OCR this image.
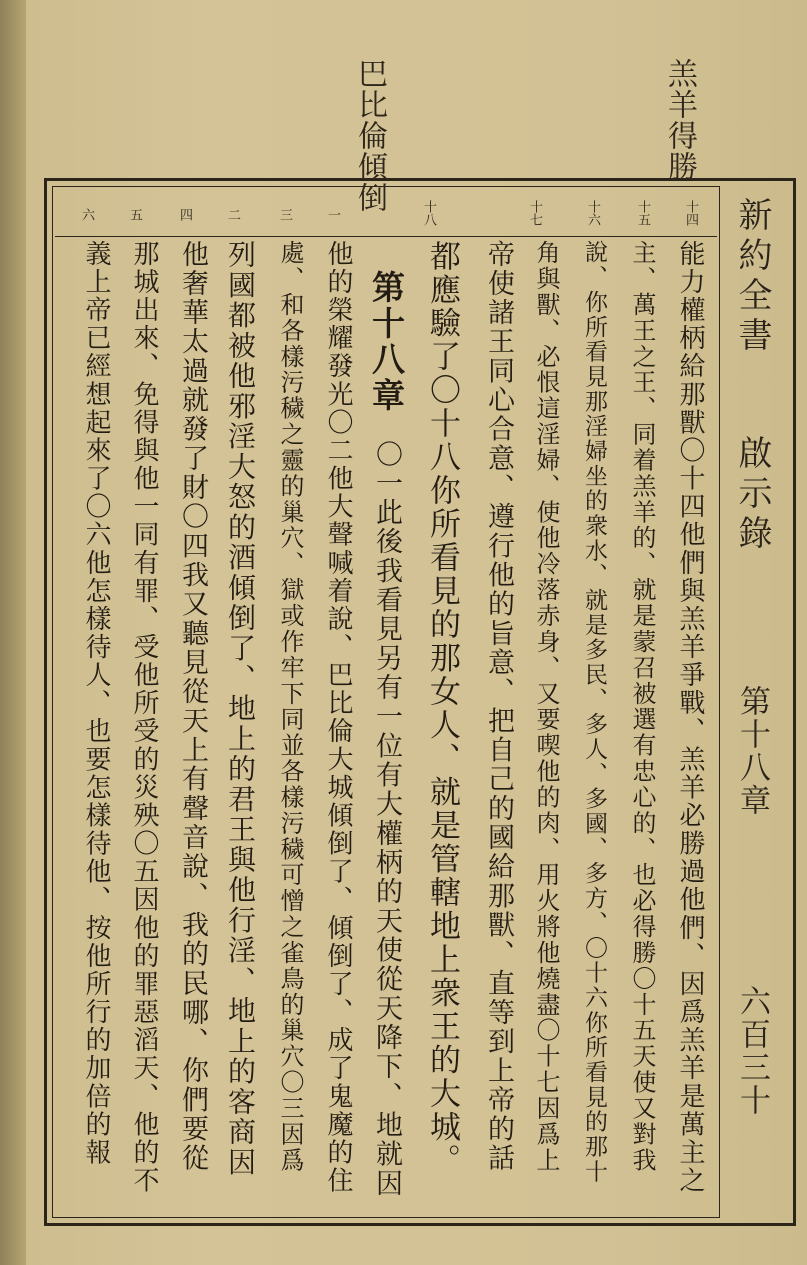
羔羊得勝
巴比倫傾倒
新約全書
啟示錄
第十八章
六百三十
十四
十五
十六
十七
十八
一
二	三
四
五
六
能力權柄給那獸〇十四他們與羔羊爭戰、羔羊必勝過他們、因爲羔羊是萬主之
主、萬王之王、同着羔羊的、就是蒙召被選有忠心的、也必得勝〇十五天使又對我
說、你所看見那淫婦坐的衆水、就是多民、多人、多國、多方、〇十六你所看見的那十
角與獸、必恨這淫婦、使他冷落赤身、又要喫他的肉、用火將他燒盡〇十七因爲上
帝使諸王同心合意、遵行他的旨意、把自己的國給那獸、直等到上帝的話
都應驗了〇十八你所看見的那女人、就是管轄地上衆王的大城。
第十八章
〇一此後我看見另有一位有大權柄的天使從天降下、地就因
他的榮耀發光〇二他大聲喊着說、巴比倫大城傾倒了、傾倒了、成了鬼魔的住
處、和各樣污穢之靈的巢穴、獄或作牢下同並各樣污穢可憎之雀鳥的巢穴〇三因爲
列國都被他邪淫大怒的酒傾倒了、地上的君王與他行淫、地上的客商因
他奢華太過就發了財〇四我又聽見從天上有聲音說、我的民哪、你們要從
那城出來、免得與他一同有罪、受他所受的災殃〇五因他的罪惡滔天、他的不
義上帝已經想起來了〇六他怎樣待人、也要怎樣待他、按他所行的加倍的報
